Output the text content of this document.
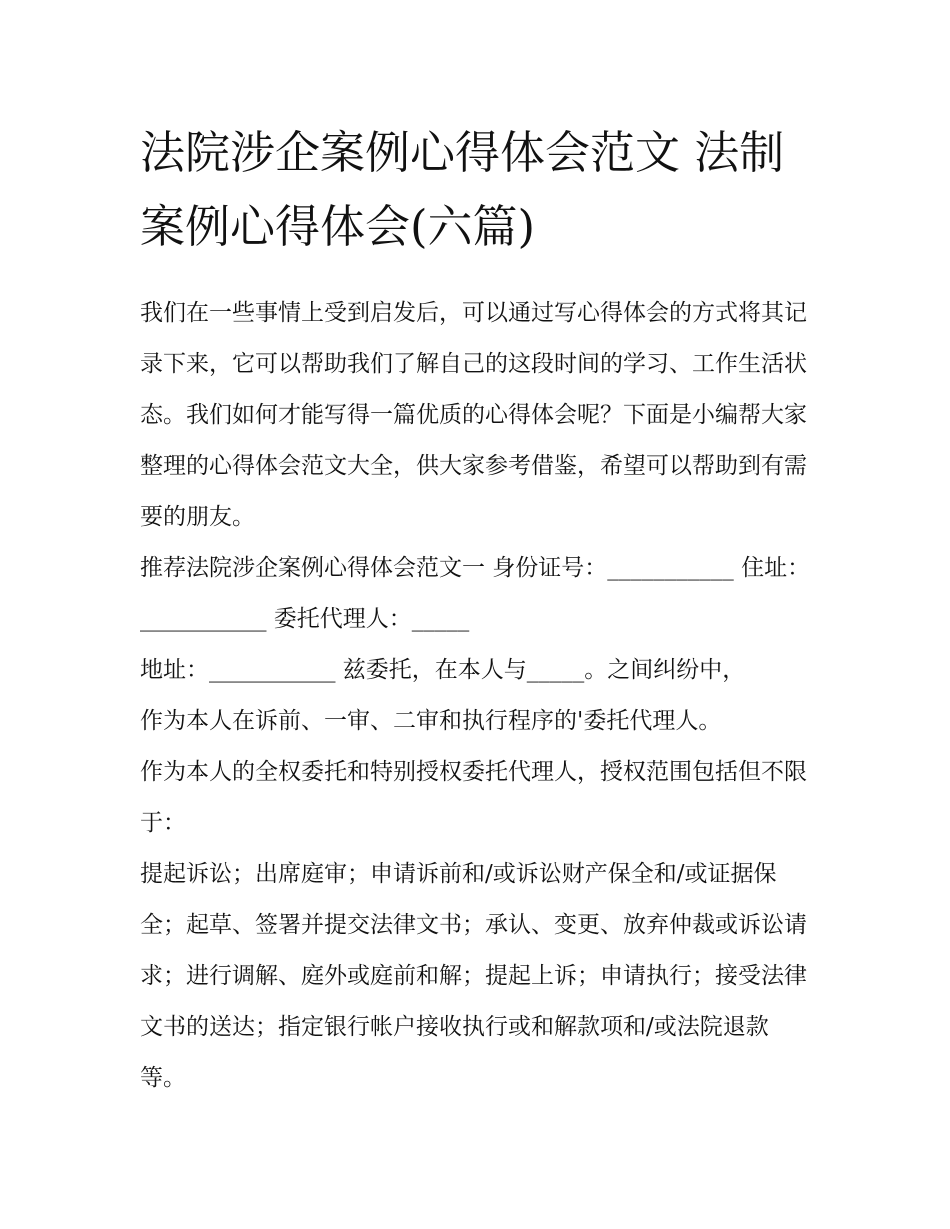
法院涉企案例心得体会范文 法制案例心得体会(六篇)

我们在一些事情上受到启发后，可以通过写心得体会的方式将其记录下来，它可以帮助我们了解自己的这段时间的学习、工作生活状态。我们如何才能写得一篇优质的心得体会呢？下面是小编帮大家整理的心得体会范文大全，供大家参考借鉴，希望可以帮助到有需要的朋友。

推荐法院涉企案例心得体会范文一 身份证号：___________ 住址：___________ 委托代理人：_____

地址：___________ 兹委托，在本人与_____。之间纠纷中，

作为本人在诉前、一审、二审和执行程序的'委托代理人。

作为本人的全权委托和特别授权委托代理人，授权范围包括但不限于：

提起诉讼；出席庭审；申请诉前和/或诉讼财产保全和/或证据保全；起草、签署并提交法律文书；承认、变更、放弃仲裁或诉讼请求；进行调解、庭外或庭前和解；提起上诉；申请执行；接受法律文书的送达；指定银行帐户接收执行或和解款项和/或法院退款等。
